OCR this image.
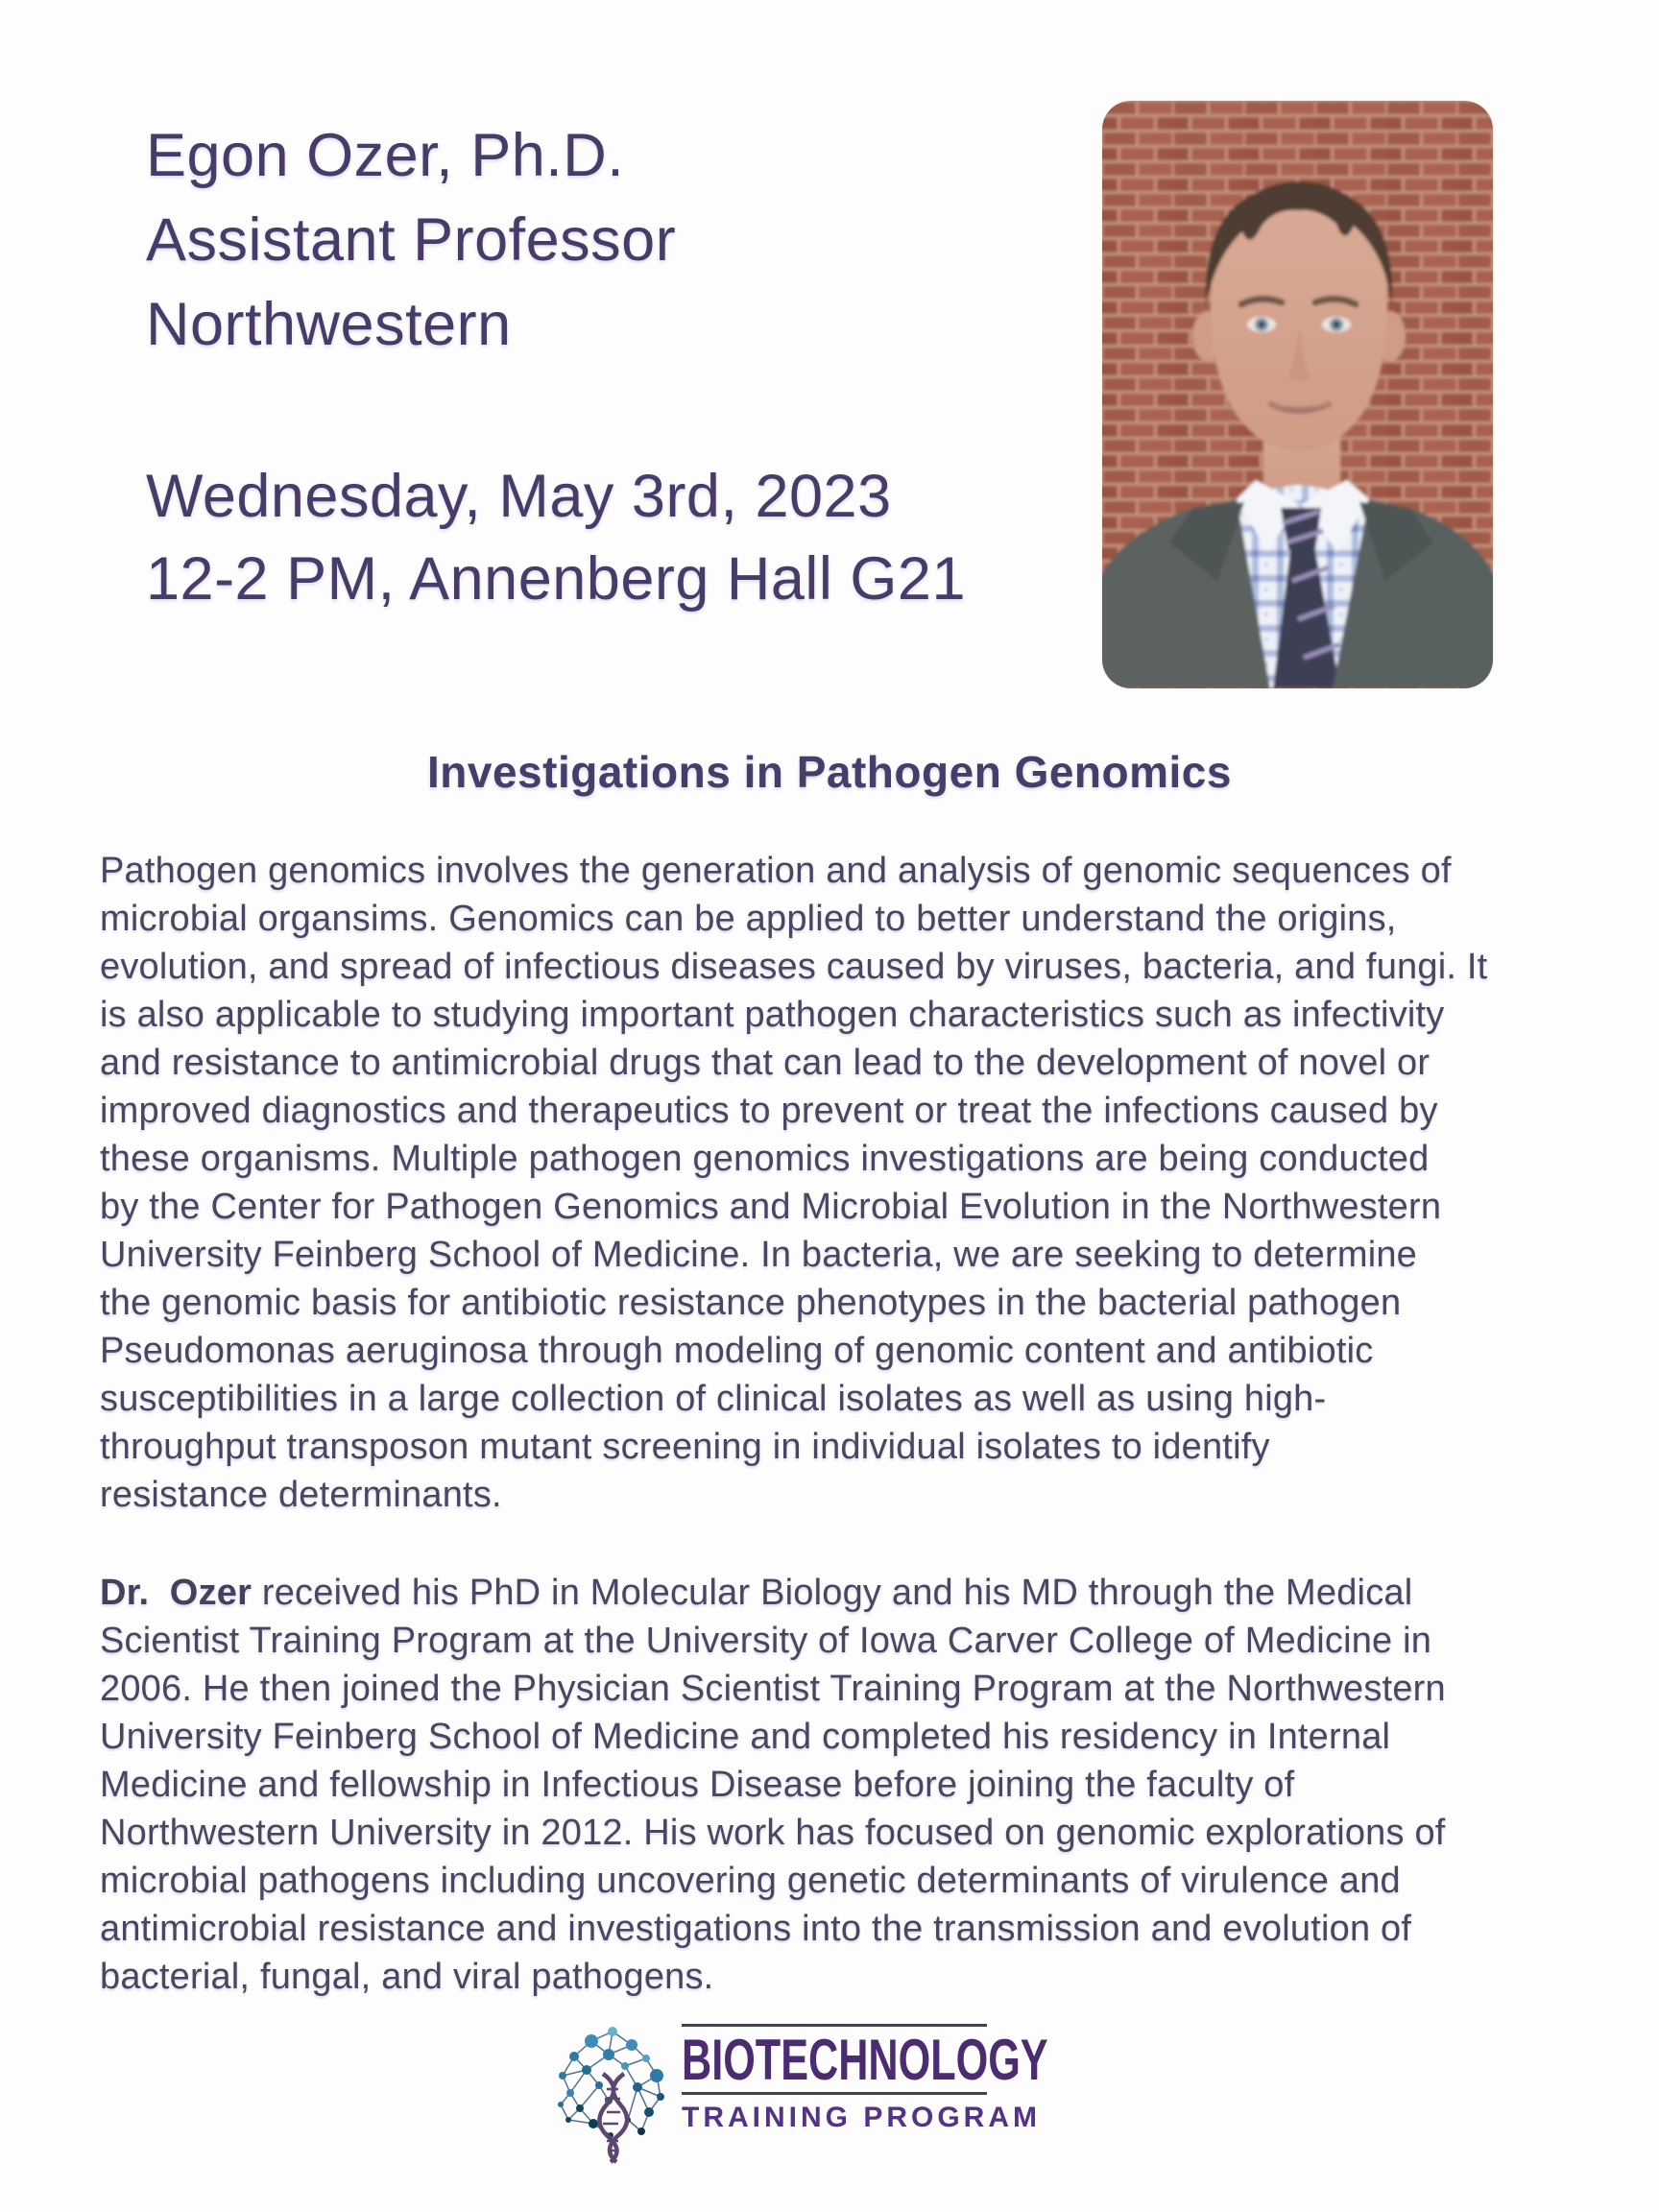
Egon Ozer, Ph.D.
Assistant Professor
Northwestern
Wednesday, May 3rd, 2023
12-2 PM, Annenberg Hall G21
Investigations in Pathogen Genomics
Pathogen genomics involves the generation and analysis of genomic sequences of
microbial organsims. Genomics can be applied to better understand the origins,
evolution, and spread of infectious diseases caused by viruses, bacteria, and fungi. It
is also applicable to studying important pathogen characteristics such as infectivity
and resistance to antimicrobial drugs that can lead to the development of novel or
improved diagnostics and therapeutics to prevent or treat the infections caused by
these organisms. Multiple pathogen genomics investigations are being conducted
by the Center for Pathogen Genomics and Microbial Evolution in the Northwestern
University Feinberg School of Medicine. In bacteria, we are seeking to determine
the genomic basis for antibiotic resistance phenotypes in the bacterial pathogen
Pseudomonas aeruginosa through modeling of genomic content and antibiotic
susceptibilities in a large collection of clinical isolates as well as using high-
throughput transposon mutant screening in individual isolates to identify
resistance determinants.
Dr.  Ozer received his PhD in Molecular Biology and his MD through the Medical
Scientist Training Program at the University of Iowa Carver College of Medicine in
2006. He then joined the Physician Scientist Training Program at the Northwestern
University Feinberg School of Medicine and completed his residency in Internal
Medicine and fellowship in Infectious Disease before joining the faculty of
Northwestern University in 2012. His work has focused on genomic explorations of
microbial pathogens including uncovering genetic determinants of virulence and
antimicrobial resistance and investigations into the transmission and evolution of
bacterial, fungal, and viral pathogens.
BIOTECHNOLOGY
TRAINING PROGRAM
